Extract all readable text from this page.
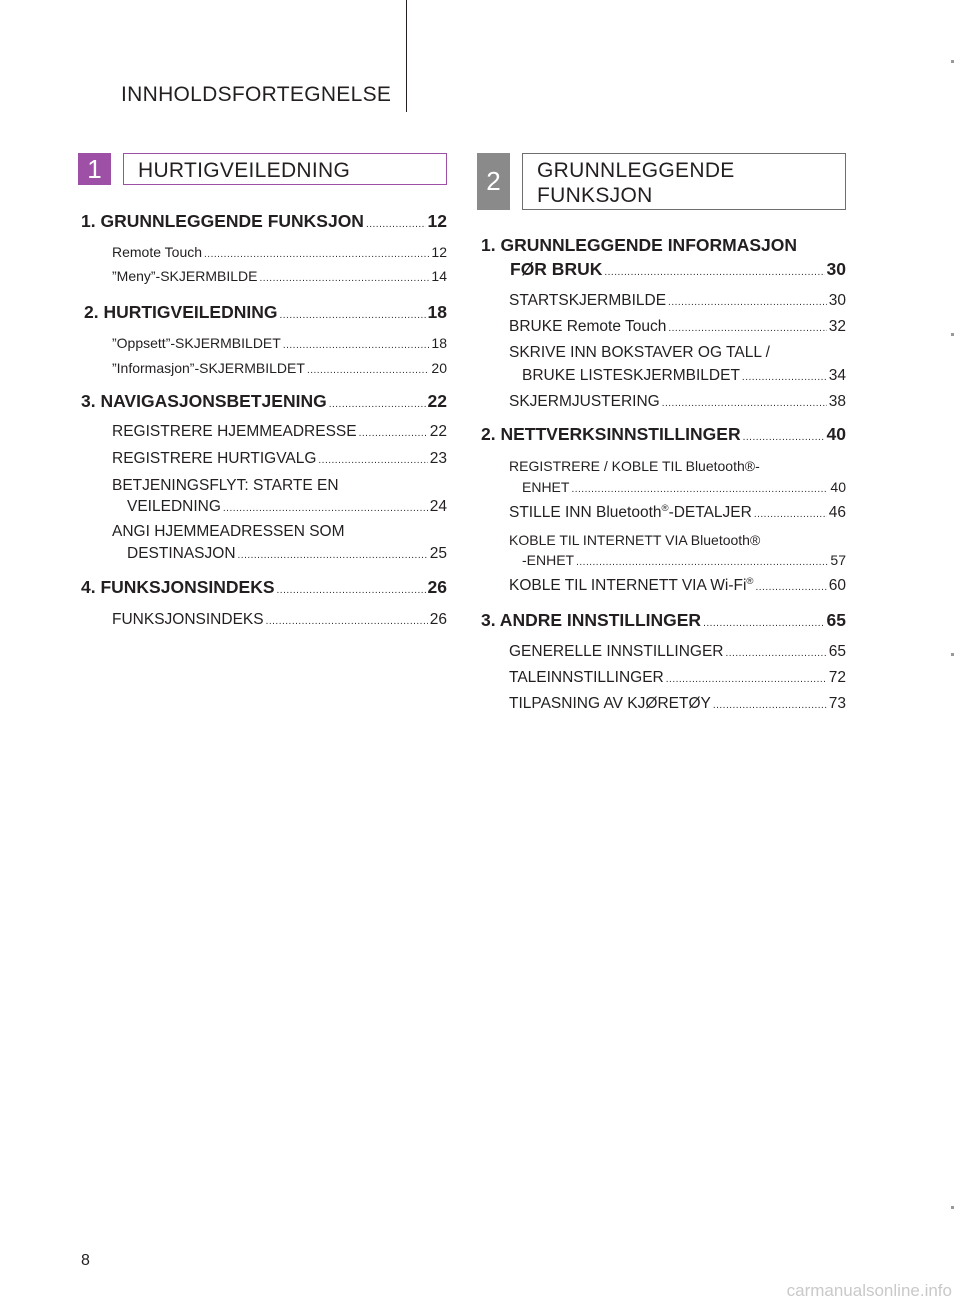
INNHOLDSFORTEGNELSE
1	HURTIGVEILEDNING
1. GRUNNLEGGENDE FUNKSJON .....	12
Remote Touch .....	12
”Meny”-SKJERMBILDE .....	14
2. HURTIGVEILEDNING .....	18
”Oppsett”-SKJERMBILDET .....	18
”Informasjon”-SKJERMBILDET .....	20
3. NAVIGASJONSBETJENING .....	22
REGISTRERE HJEMMEADRESSE .....	22
REGISTRERE HURTIGVALG .....	23
BETJENINGSFLYT: STARTE EN
VEILEDNING .....	24
ANGI HJEMMEADRESSEN SOM
DESTINASJON .....	25
4. FUNKSJONSINDEKS .....	26
FUNKSJONSINDEKS .....	26
2	GRUNNLEGGENDE
FUNKSJON
1. GRUNNLEGGENDE INFORMASJON
FØR BRUK .....	30
STARTSKJERMBILDE .....	30
BRUKE Remote Touch .....	32
SKRIVE INN BOKSTAVER OG TALL /
BRUKE LISTESKJERMBILDET .....	34
SKJERMJUSTERING .....	38
2. NETTVERKSINNSTILLINGER .....	40
REGISTRERE / KOBLE TIL Bluetooth®-
ENHET .....	40
STILLE INN Bluetooth®-DETALJER .....	46
KOBLE TIL INTERNETT VIA Bluetooth®
-ENHET .....	57
KOBLE TIL INTERNETT VIA Wi-Fi® .....	60
3. ANDRE INNSTILLINGER .....	65
GENERELLE INNSTILLINGER .....	65
TALEINNSTILLINGER .....	72
TILPASNING AV KJØRETØY .....	73
8
carmanualsonline.info
